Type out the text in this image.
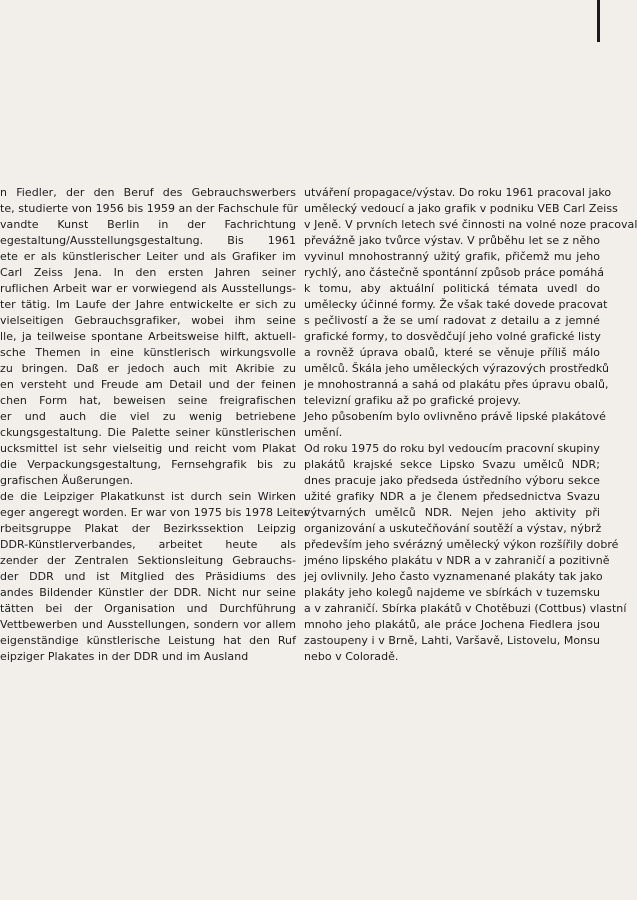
n Fiedler, der den Beruf des Gebrauchswerbers
te, studierte von 1956 bis 1959 an der Fachschule für
vandte Kunst Berlin in der Fachrichtung
egestaltung/Ausstellungsgestaltung. Bis 1961
ete er als künstlerischer Leiter und als Grafiker im
Carl Zeiss Jena. In den ersten Jahren seiner
ruflichen Arbeit war er vorwiegend als Ausstellungs-
ter tätig. Im Laufe der Jahre entwickelte er sich zu
vielseitigen Gebrauchsgrafiker, wobei ihm seine
lle, ja teilweise spontane Arbeitsweise hilft, aktuell-
sche Themen in eine künstlerisch wirkungsvolle
zu bringen. Daß er jedoch auch mit Akribie zu
en versteht und Freude am Detail und der feinen
chen Form hat, beweisen seine freigrafischen
er und auch die viel zu wenig betriebene
ckungsgestaltung. Die Palette seiner künstlerischen
ucksmittel ist sehr vielseitig und reicht vom Plakat
die Verpackungsgestaltung, Fernsehgrafik bis zu
grafischen Äußerungen.
de die Leipziger Plakatkunst ist durch sein Wirken
eger angeregt worden. Er war von 1975 bis 1978 Leiter
rbeitsgruppe Plakat der Bezirkssektion Leipzig
DDR-Künstlerverbandes, arbeitet heute als
zender der Zentralen Sektionsleitung Gebrauchs-
der DDR und ist Mitglied des Präsidiums des
andes Bildender Künstler der DDR. Nicht nur seine
tätten bei der Organisation und Durchführung
Vettbewerben und Ausstellungen, sondern vor allem
eigenständige künstlerische Leistung hat den Ruf
eipziger Plakates in der DDR und im Ausland
utváření propagace/výstav. Do roku 1961 pracoval jako
umělecký vedoucí a jako grafik v podniku VEB Carl Zeiss
v Jeně. V prvních letech své činnosti na volné noze pracoval
převážně jako tvůrce výstav. V průběhu let se z něho
vyvinul mnohostranný užitý grafik, přičemž mu jeho
rychlý, ano částečně spontánní způsob práce pomáhá
k tomu, aby aktuální politická témata uvedl do
umělecky účinné formy. Že však také dovede pracovat
s pečlivostí a že se umí radovat z detailu a z jemné
grafické formy, to dosvědčují jeho volné grafické listy
a rovněž úprava obalů, které se věnuje příliš málo
umělců. Škála jeho uměleckých výrazových prostředků
je mnohostranná a sahá od plakátu přes úpravu obalů,
televizní grafiku až po grafické projevy.
Jeho působením bylo ovlivněno právě lipské plakátové
umění.
Od roku 1975 do roku byl vedoucím pracovní skupiny
plakátů krajské sekce Lipsko Svazu umělců NDR;
dnes pracuje jako předseda ústředního výboru sekce
užité grafiky NDR a je členem předsednictva Svazu
výtvarných umělců NDR. Nejen jeho aktivity při
organizování a uskutečňování soutěží a výstav, nýbrž
především jeho svérázný umělecký výkon rozšířily dobré
jméno lipského plakátu v NDR a v zahraničí a pozitivně
jej ovlivnily. Jeho často vyznamenané plakáty tak jako
plakáty jeho kolegů najdeme ve sbírkách v tuzemsku
a v zahraničí. Sbírka plakátů v Chotěbuzi (Cottbus) vlastní
mnoho jeho plakátů, ale práce Jochena Fiedlera jsou
zastoupeny i v Brně, Lahti, Varšavě, Listovelu, Monsu
nebo v Coloradě.
